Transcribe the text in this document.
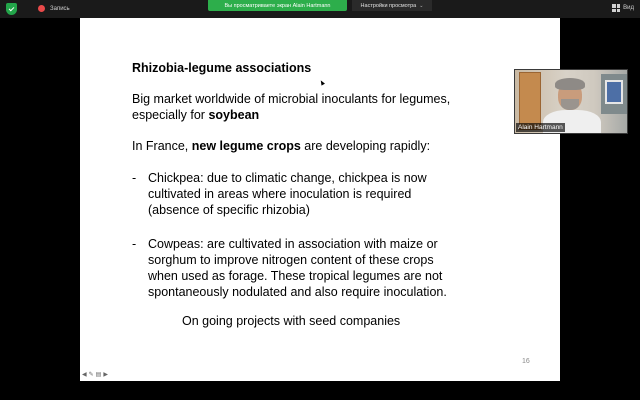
Запись	Вы просматриваете экран Alain Hartmann	Настройки просмотра ⌄	Вид
Rhizobia-legume associations
Big market worldwide of microbial inoculants for legumes,
especially for soybean
In France, new legume crops are developing rapidly:
- Chickpea: due to climatic change, chickpea is now
cultivated in areas where inoculation is required
(absence of specific rhizobia)
- Cowpeas: are cultivated in association with maize or
sorghum to improve nitrogen content of these crops
when used as forage. These tropical legumes are not
spontaneously nodulated and also require inoculation.
On going projects with seed companies
16
◀ ✎ ▤ ▶
Alain Hartmann
